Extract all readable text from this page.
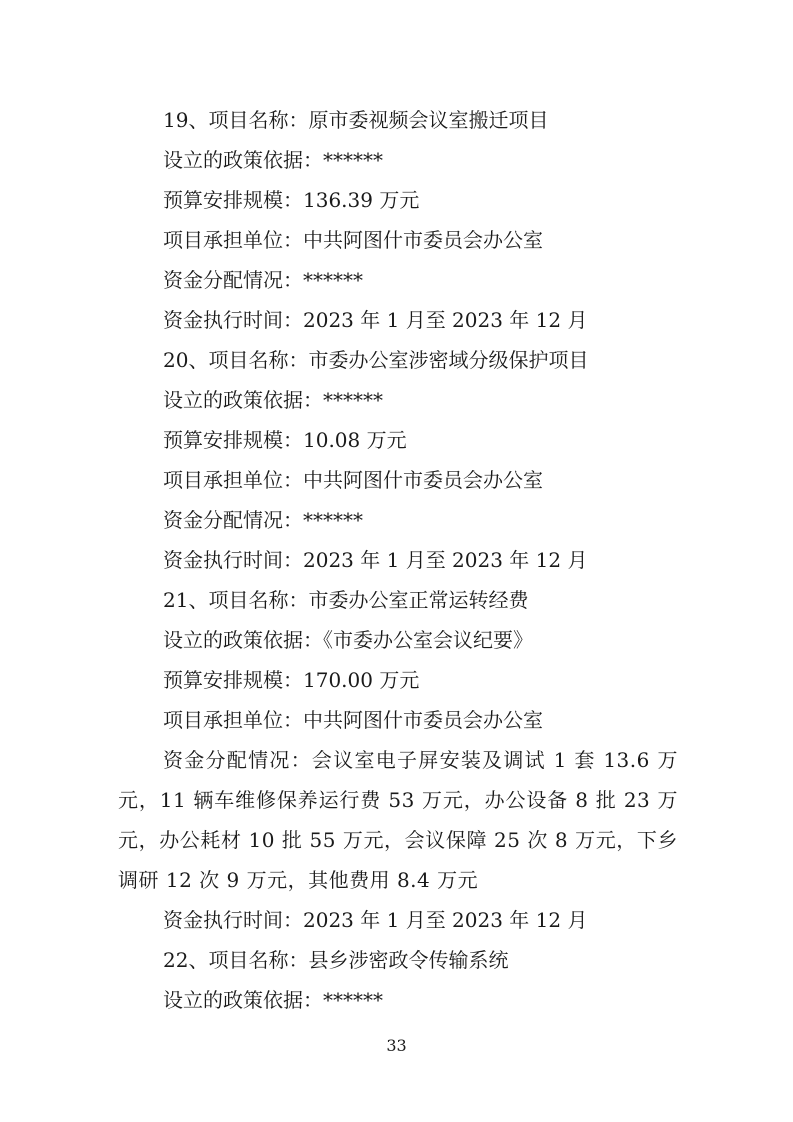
19、项目名称：原市委视频会议室搬迁项目
设立的政策依据：******
预算安排规模：136.39 万元
项目承担单位：中共阿图什市委员会办公室
资金分配情况：******
资金执行时间：2023 年 1 月至 2023 年 12 月
20、项目名称：市委办公室涉密域分级保护项目
设立的政策依据：******
预算安排规模：10.08 万元
项目承担单位：中共阿图什市委员会办公室
资金分配情况：******
资金执行时间：2023 年 1 月至 2023 年 12 月
21、项目名称：市委办公室正常运转经费
设立的政策依据：《市委办公室会议纪要》
预算安排规模：170.00 万元
项目承担单位：中共阿图什市委员会办公室
资金分配情况：会议室电子屏安装及调试 1 套 13.6 万元，11 辆车维修保养运行费 53 万元，办公设备 8 批 23 万元，办公耗材 10 批 55 万元，会议保障 25 次 8 万元，下乡调研 12 次 9 万元，其他费用 8.4 万元
资金执行时间：2023 年 1 月至 2023 年 12 月
22、项目名称：县乡涉密政令传输系统
设立的政策依据：******
33
